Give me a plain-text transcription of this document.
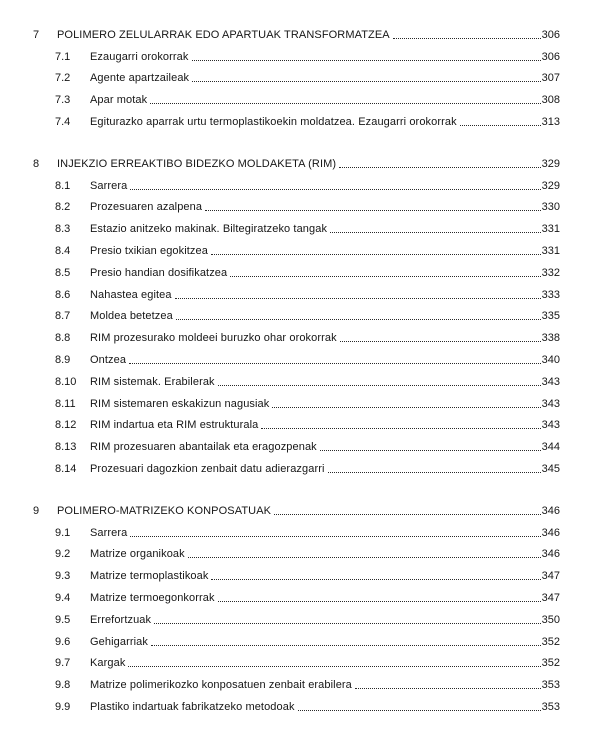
7	POLIMERO ZELULARRAK EDO APARTUAK TRANSFORMATZEA	306
7.1	Ezaugarri orokorrak	306
7.2	Agente apartzaileak	307
7.3	Apar motak	308
7.4	Egiturazko aparrak urtu termoplastikoekin moldatzea. Ezaugarri orokorrak	313
8	INJEKZIO ERREAKTIBO BIDEZKO MOLDAKETA (RIM)	329
8.1	Sarrera	329
8.2	Prozesuaren azalpena	330
8.3	Estazio anitzeko makinak. Biltegiratzeko tangak	331
8.4	Presio txikian egokitzea	331
8.5	Presio handian dosifikatzea	332
8.6	Nahastea egitea	333
8.7	Moldea betetzea	335
8.8	RIM prozesurako moldeei buruzko ohar orokorrak	338
8.9	Ontzea	340
8.10	RIM sistemak. Erabilerak	343
8.11	RIM sistemaren eskakizun nagusiak	343
8.12	RIM indartua eta RIM estrukturala	343
8.13	RIM prozesuaren abantailak eta eragozpenak	344
8.14	Prozesuari dagozkion zenbait datu adierazgarri	345
9	POLIMERO-MATRIZEKO KONPOSATUAK	346
9.1	Sarrera	346
9.2	Matrize organikoak	346
9.3	Matrize termoplastikoak	347
9.4	Matrize termoegonkorrak	347
9.5	Errefortzuak	350
9.6	Gehigarriak	352
9.7	Kargak	352
9.8	Matrize polimerikozko konposatuen zenbait erabilera	353
9.9	Plastiko indartuak fabrikatzeko metodoak	353
